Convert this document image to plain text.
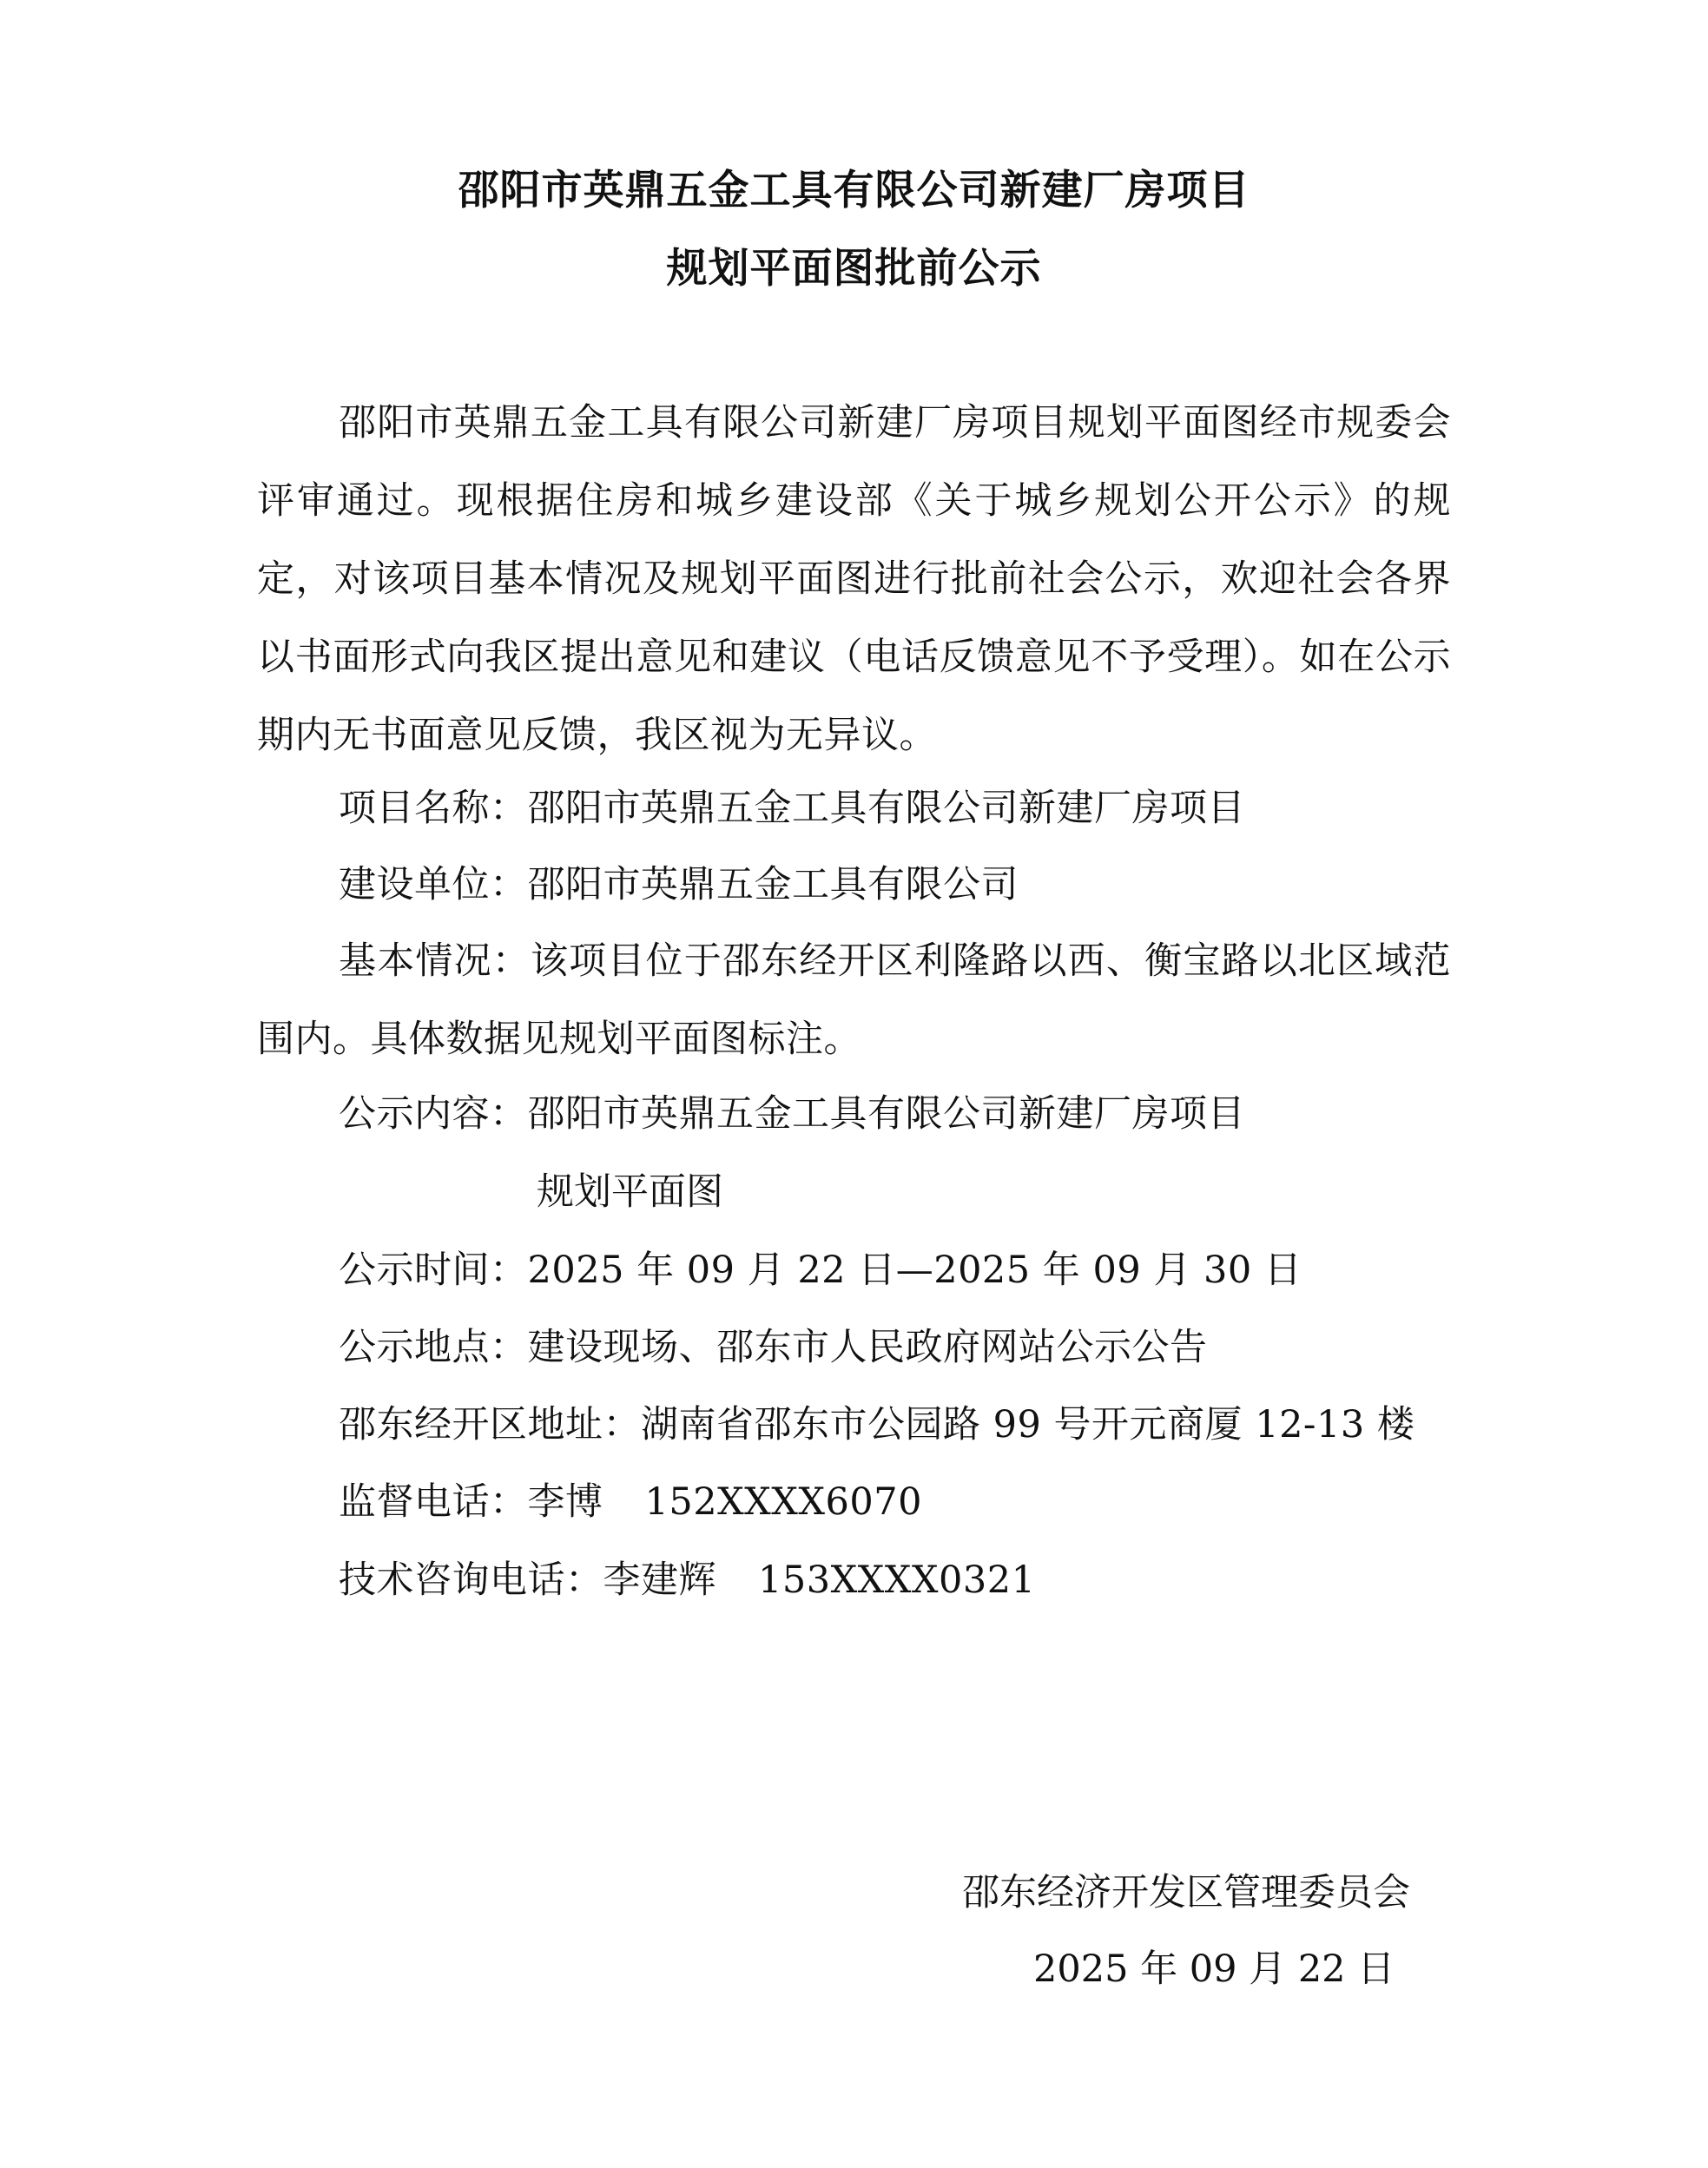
邵阳市英鼎五金工具有限公司新建厂房项目
规划平面图批前公示
邵阳市英鼎五金工具有限公司新建厂房项目规划平面图经市规委会评审通过。现根据住房和城乡建设部《关于城乡规划公开公示》的规定，对该项目基本情况及规划平面图进行批前社会公示，欢迎社会各界以书面形式向我区提出意见和建议（电话反馈意见不予受理）。如在公示期内无书面意见反馈，我区视为无异议。
项目名称：邵阳市英鼎五金工具有限公司新建厂房项目
建设单位：邵阳市英鼎五金工具有限公司
基本情况：该项目位于邵东经开区利隆路以西、衡宝路以北区域范围内。具体数据见规划平面图标注。
公示内容：邵阳市英鼎五金工具有限公司新建厂房项目
规划平面图
公示时间：2025 年 09 月 22 日—2025 年 09 月 30 日
公示地点：建设现场、邵东市人民政府网站公示公告
邵东经开区地址：湖南省邵东市公园路 99 号开元商厦 12-13 楼
监督电话：李博 152XXXX6070
技术咨询电话：李建辉 153XXXX0321
邵东经济开发区管理委员会
2025 年 09 月 22 日
